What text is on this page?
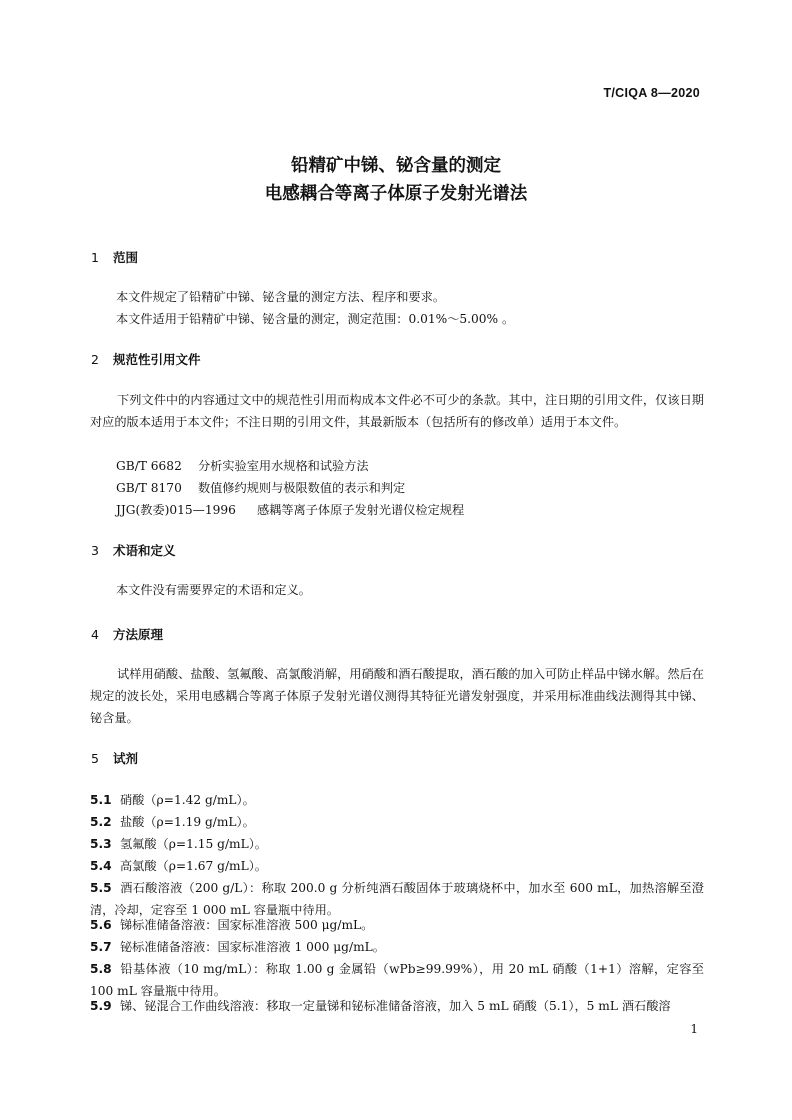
T/CIQA 8—2020
铅精矿中锑、铋含量的测定
电感耦合等离子体原子发射光谱法
1 范围
本文件规定了铅精矿中锑、铋含量的测定方法、程序和要求。
本文件适用于铅精矿中锑、铋含量的测定，测定范围：0.01%～5.00% 。
2 规范性引用文件
下列文件中的内容通过文中的规范性引用而构成本文件必不可少的条款。其中，注日期的引用文件，仅该日期对应的版本适用于本文件；不注日期的引用文件，其最新版本（包括所有的修改单）适用于本文件。
GB/T 6682 分析实验室用水规格和试验方法
GB/T 8170 数值修约规则与极限数值的表示和判定
JJG(教委)015—1996 感耦等离子体原子发射光谱仪检定规程
3 术语和定义
本文件没有需要界定的术语和定义。
4 方法原理
试样用硝酸、盐酸、氢氟酸、高氯酸消解，用硝酸和酒石酸提取，酒石酸的加入可防止样品中锑水解。然后在规定的波长处，采用电感耦合等离子体原子发射光谱仪测得其特征光谱发射强度，并采用标准曲线法测得其中锑、铋含量。
5 试剂
5.1 硝酸（ρ=1.42 g/mL）。
5.2 盐酸（ρ=1.19 g/mL）。
5.3 氢氟酸（ρ=1.15 g/mL）。
5.4 高氯酸（ρ=1.67 g/mL）。
5.5 酒石酸溶液（200 g/L）：称取 200.0 g 分析纯酒石酸固体于玻璃烧杯中，加水至 600 mL，加热溶解至澄清，冷却，定容至 1 000 mL 容量瓶中待用。
5.6 锑标准储备溶液：国家标准溶液 500 μg/mL。
5.7 铋标准储备溶液：国家标准溶液 1 000 μg/mL。
5.8 铅基体液（10 mg/mL）：称取 1.00 g 金属铅（wPb≥99.99%），用 20 mL 硝酸（1+1）溶解，定容至 100 mL 容量瓶中待用。
5.9 锑、铋混合工作曲线溶液：移取一定量锑和铋标准储备溶液，加入 5 mL 硝酸（5.1），5 mL 酒石酸溶
1
